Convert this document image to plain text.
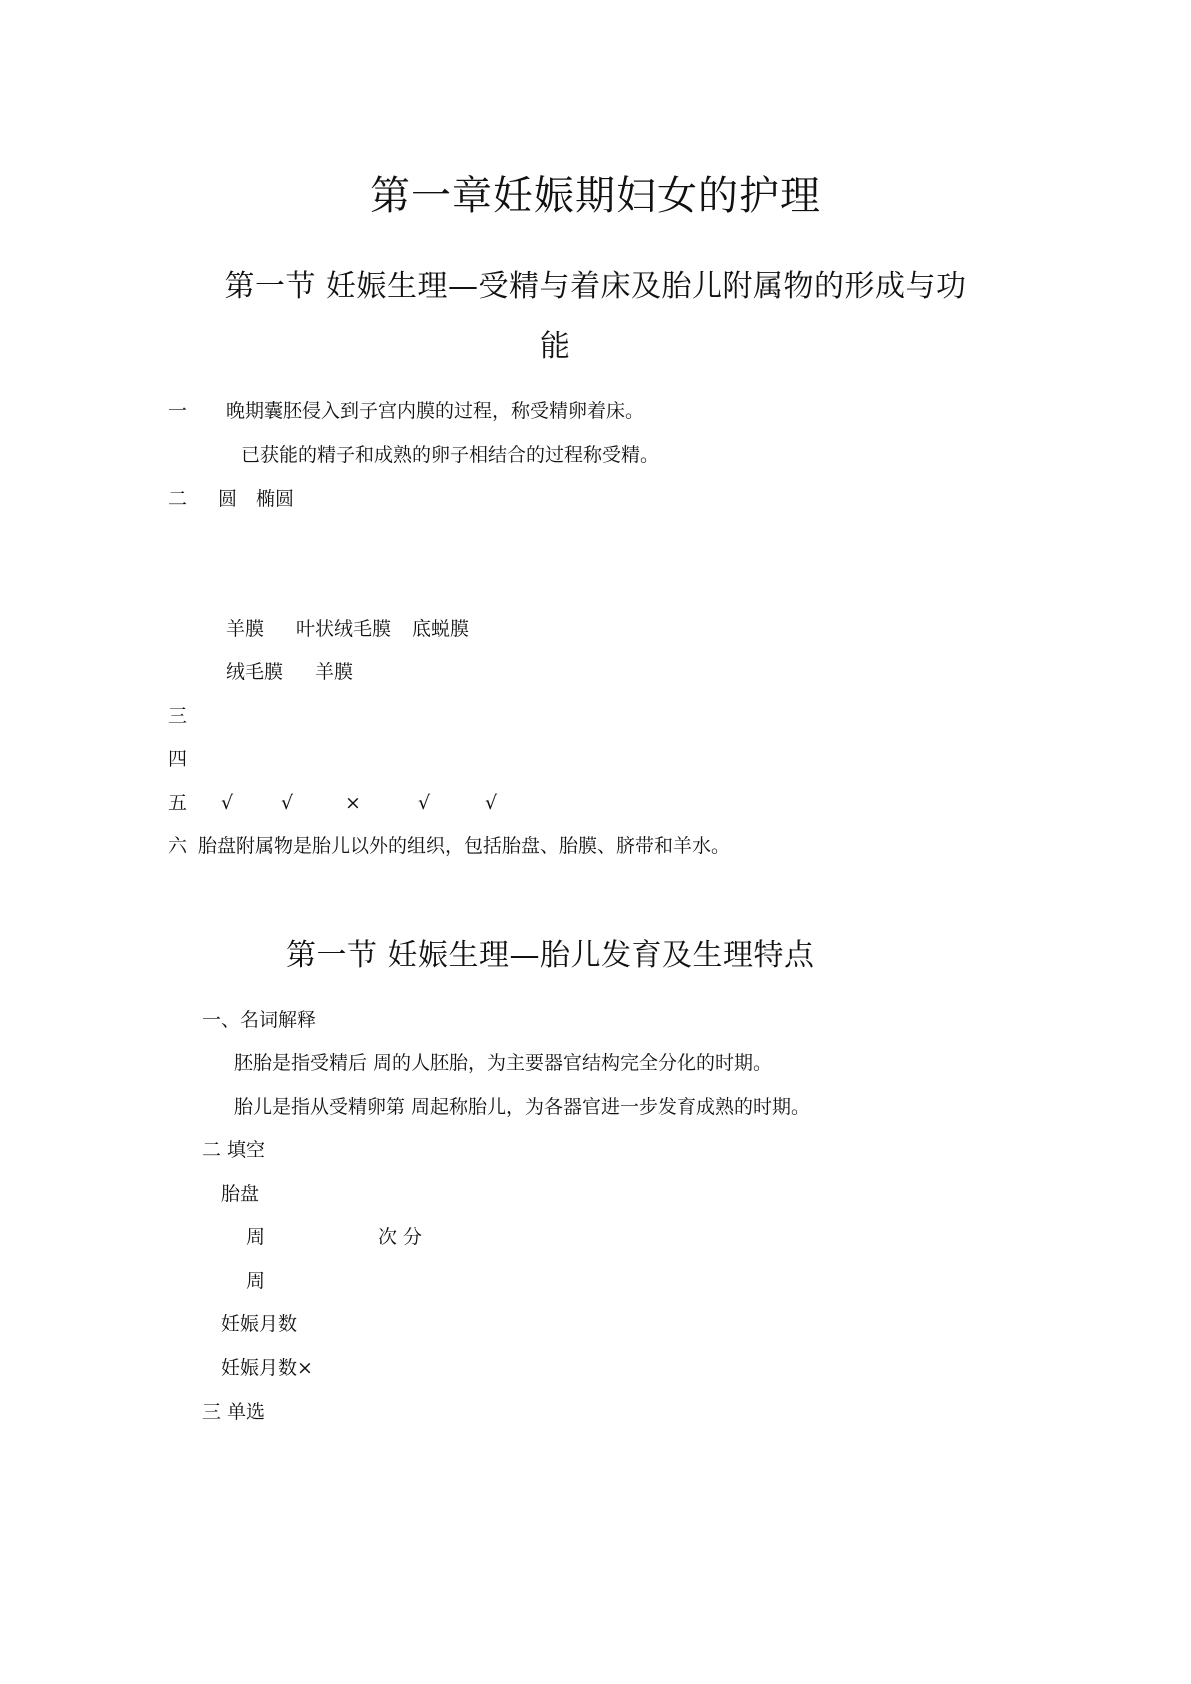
第一章妊娠期妇女的护理
第一节 妊娠生理—受精与着床及胎儿附属物的形成与功
能
一 晚期囊胚侵入到子宫内膜的过程，称受精卵着床。
已获能的精子和成熟的卵子相结合的过程称受精。
二 圆 椭圆
羊膜 叶状绒毛膜 底蜕膜
绒毛膜 羊膜
三
四
五 √	√	×	√	√
六 胎盘附属物是胎儿以外的组织，包括胎盘、胎膜、脐带和羊水。
第一节 妊娠生理—胎儿发育及生理特点
一、名词解释
胚胎是指受精后 周的人胚胎，为主要器官结构完全分化的时期。
胎儿是指从受精卵第 周起称胎儿，为各器官进一步发育成熟的时期。
二 填空
胎盘
周	次 分
周
妊娠月数
妊娠月数×
三 单选
